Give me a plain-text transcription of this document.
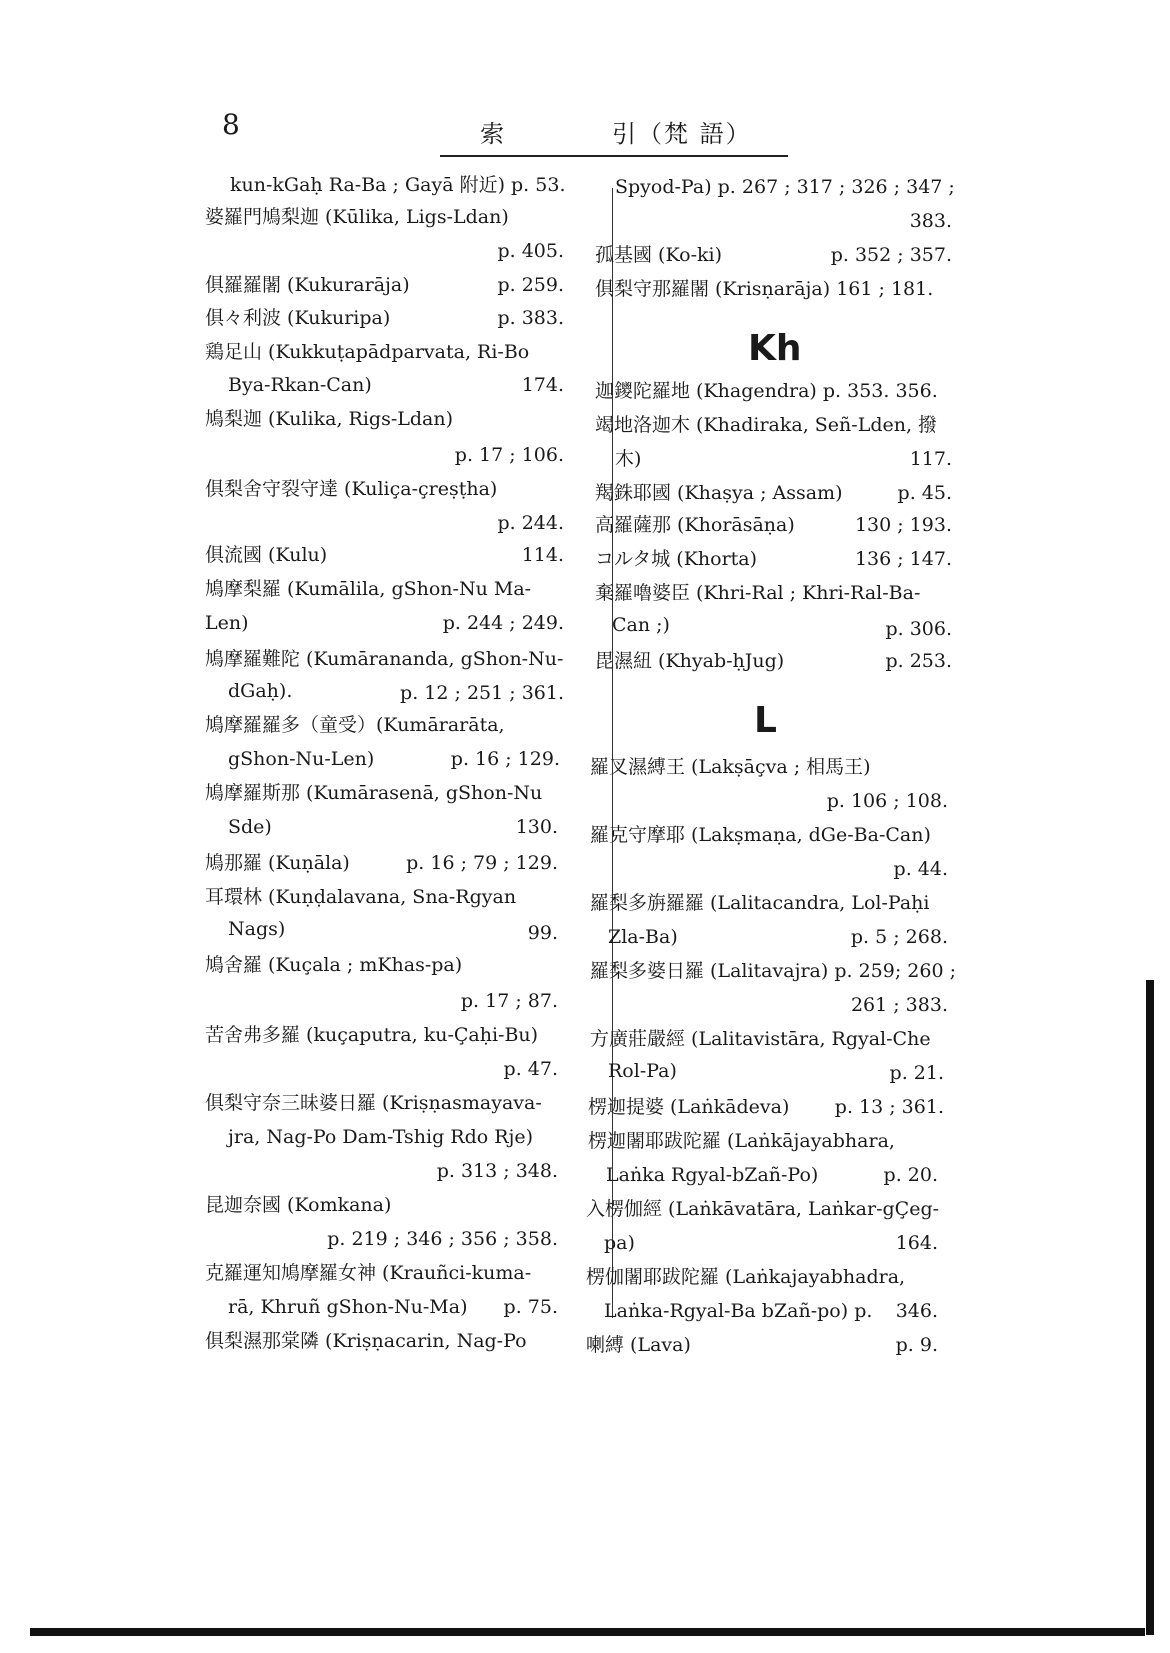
8	索	引（梵 語）
kun-kGaḥ Ra-Ba ; Gayā 附近) p. 53.
婆羅門鳩梨迦 (Kūlika, Ligs-Ldan)
p. 405.
俱羅羅闍 (Kukurarāja)	p. 259.
俱々利波 (Kukuripa)	p. 383.
鶏足山 (Kukkuṭapādparvata, Ri-Bo
Bya-Rkan-Can)	174.
鳩梨迦 (Kulika, Rigs-Ldan)
p. 17 ; 106.
俱梨舍守裂守達 (Kuliça-çreṣṭha)
p. 244.
俱流國 (Kulu)	114.
鳩摩梨羅 (Kumālila, gShon-Nu Ma-
Len)	p. 244 ; 249.
鳩摩羅難陀 (Kumārananda, gShon-Nu-
dGaḥ).	p. 12 ; 251 ; 361.
鳩摩羅羅多（童受）(Kumārarāta,
gShon-Nu-Len)	p. 16 ; 129.
鳩摩羅斯那 (Kumārasenā, gShon-Nu
Sde)	130.
鳩那羅 (Kuṇāla)	p. 16 ; 79 ; 129.
耳環林 (Kuṇḍalavana, Sna-Rgyan
Nags)	99.
鳩舍羅 (Kuçala ; mKhas-pa)
p. 17 ; 87.
苦舍弗多羅 (kuçaputra, ku-Çaḥi-Bu)
p. 47.
俱梨守奈三昧婆日羅 (Kriṣṇasmayava-
jra, Nag-Po Dam-Tshig Rdo Rje)
p. 313 ; 348.
昆迦奈國 (Komkana)
p. 219 ; 346 ; 356 ; 358.
克羅運知鳩摩羅女神 (Krauñci-kuma-
rā, Khruñ gShon-Nu-Ma) p. 75.
俱梨濕那棠隣 (Kriṣṇacarin, Nag-Po
Spyod-Pa) p. 267 ; 317 ; 326 ; 347 ;
383.
孤基國 (Ko-ki)	p. 352 ; 357.
俱梨守那羅闍 (Krisṇarāja) 161 ; 181.
Kh
迦鑁陀羅地 (Khagendra) p. 353. 356.
竭地洛迦木 (Khadiraka, Señ-Lden, 撥
木)	117.
羯銖耶國 (Khaṣya ; Assam)	p. 45.
高羅薩那 (Khorāsāṇa)	130 ; 193.
コルタ城 (Khorta)	136 ; 147.
棄羅嚕婆臣 (Khri-Ral ; Khri-Ral-Ba-
Can ;)	p. 306.
毘濕紐 (Khyab-ḥJug)	p. 253.
L
羅叉濕縛王 (Lakṣāçva ; 相馬王)
p. 106 ; 108.
羅克守摩耶 (Lakṣmaṇa, dGe-Ba-Can)
p. 44.
羅梨多旃羅羅 (Lalitacandra, Lol-Paḥi
Zla-Ba)	p. 5 ; 268.
羅梨多婆日羅 (Lalitavajra) p. 259; 260 ;
261 ; 383.
方廣莊嚴經 (Lalitavistāra, Rgyal-Che
Rol-Pa)	p. 21.
楞迦提婆 (Laṅkādeva) p. 13 ; 361.
楞迦闍耶跋陀羅 (Laṅkājayabhara,
Laṅka Rgyal-bZañ-Po)	p. 20.
入楞伽經 (Laṅkāvatāra, Laṅkar-gÇeg-
pa)	164.
楞伽闍耶跋陀羅 (Laṅkajayabhadra,
Laṅka-Rgyal-Ba bZañ-po) p. 346.
喇縛 (Lava)	p. 9.
